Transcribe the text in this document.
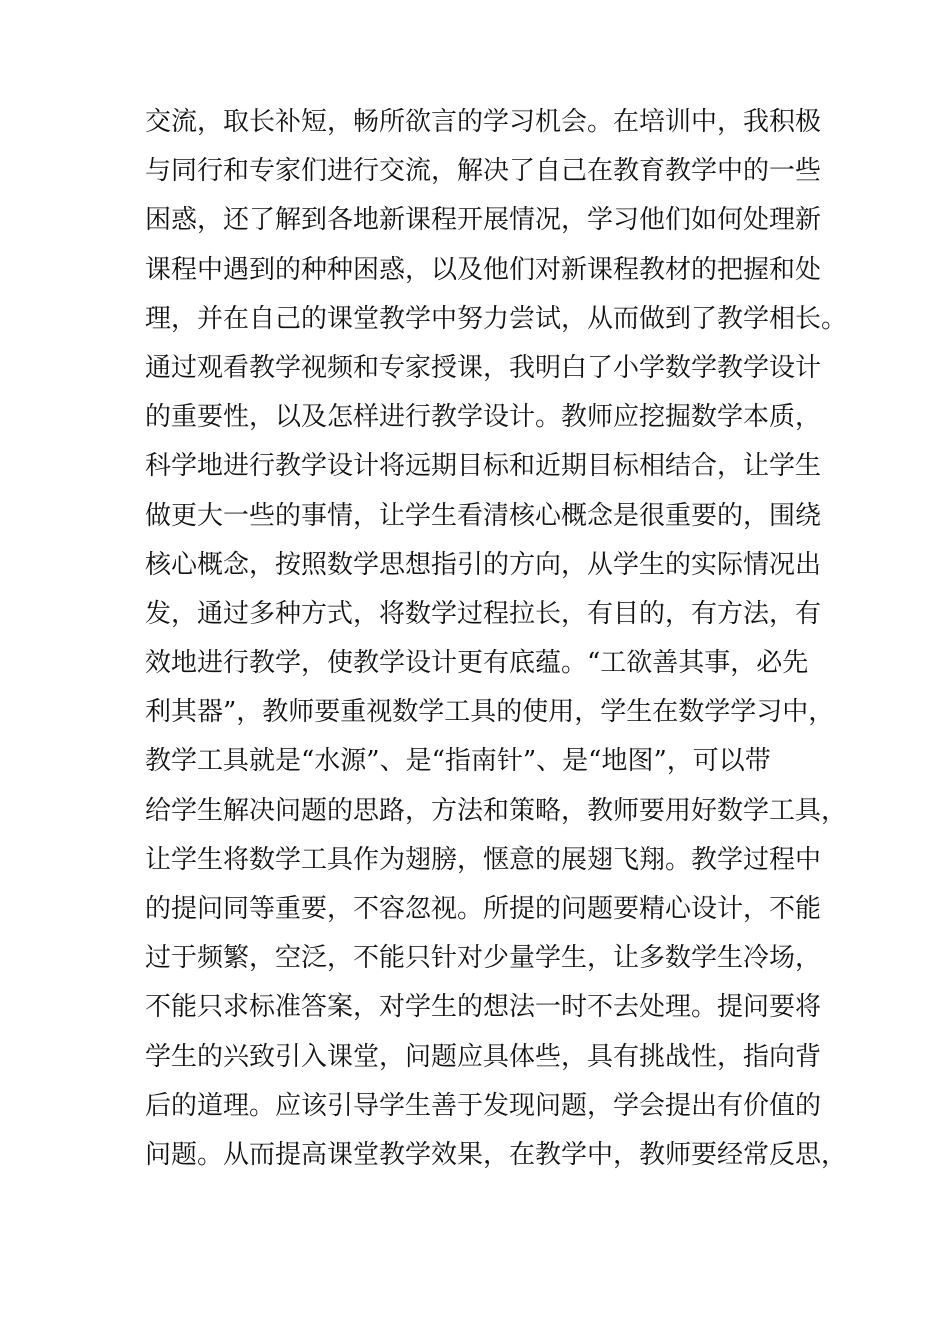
交流，取长补短，畅所欲言的学习机会。在培训中，我积极
与同行和专家们进行交流，解决了自己在教育教学中的一些
困惑，还了解到各地新课程开展情况，学习他们如何处理新
课程中遇到的种种困惑，以及他们对新课程教材的把握和处
理，并在自己的课堂教学中努力尝试，从而做到了教学相长。
通过观看教学视频和专家授课，我明白了小学数学教学设计
的重要性，以及怎样进行教学设计。教师应挖掘数学本质，
科学地进行教学设计将远期目标和近期目标相结合，让学生
做更大一些的事情，让学生看清核心概念是很重要的，围绕
核心概念，按照数学思想指引的方向，从学生的实际情况出
发，通过多种方式，将数学过程拉长，有目的，有方法，有
效地进行教学，使教学设计更有底蕴。“工欲善其事，必先
利其器”，教师要重视数学工具的使用，学生在数学学习中，
教学工具就是“水源”、是“指南针”、是“地图”，可以带
给学生解决问题的思路，方法和策略，教师要用好数学工具，
让学生将数学工具作为翅膀，惬意的展翅飞翔。教学过程中
的提问同等重要，不容忽视。所提的问题要精心设计，不能
过于频繁，空泛，不能只针对少量学生，让多数学生冷场，
不能只求标准答案，对学生的想法一时不去处理。提问要将
学生的兴致引入课堂，问题应具体些，具有挑战性，指向背
后的道理。应该引导学生善于发现问题，学会提出有价值的
问题。从而提高课堂教学效果，在教学中，教师要经常反思，
